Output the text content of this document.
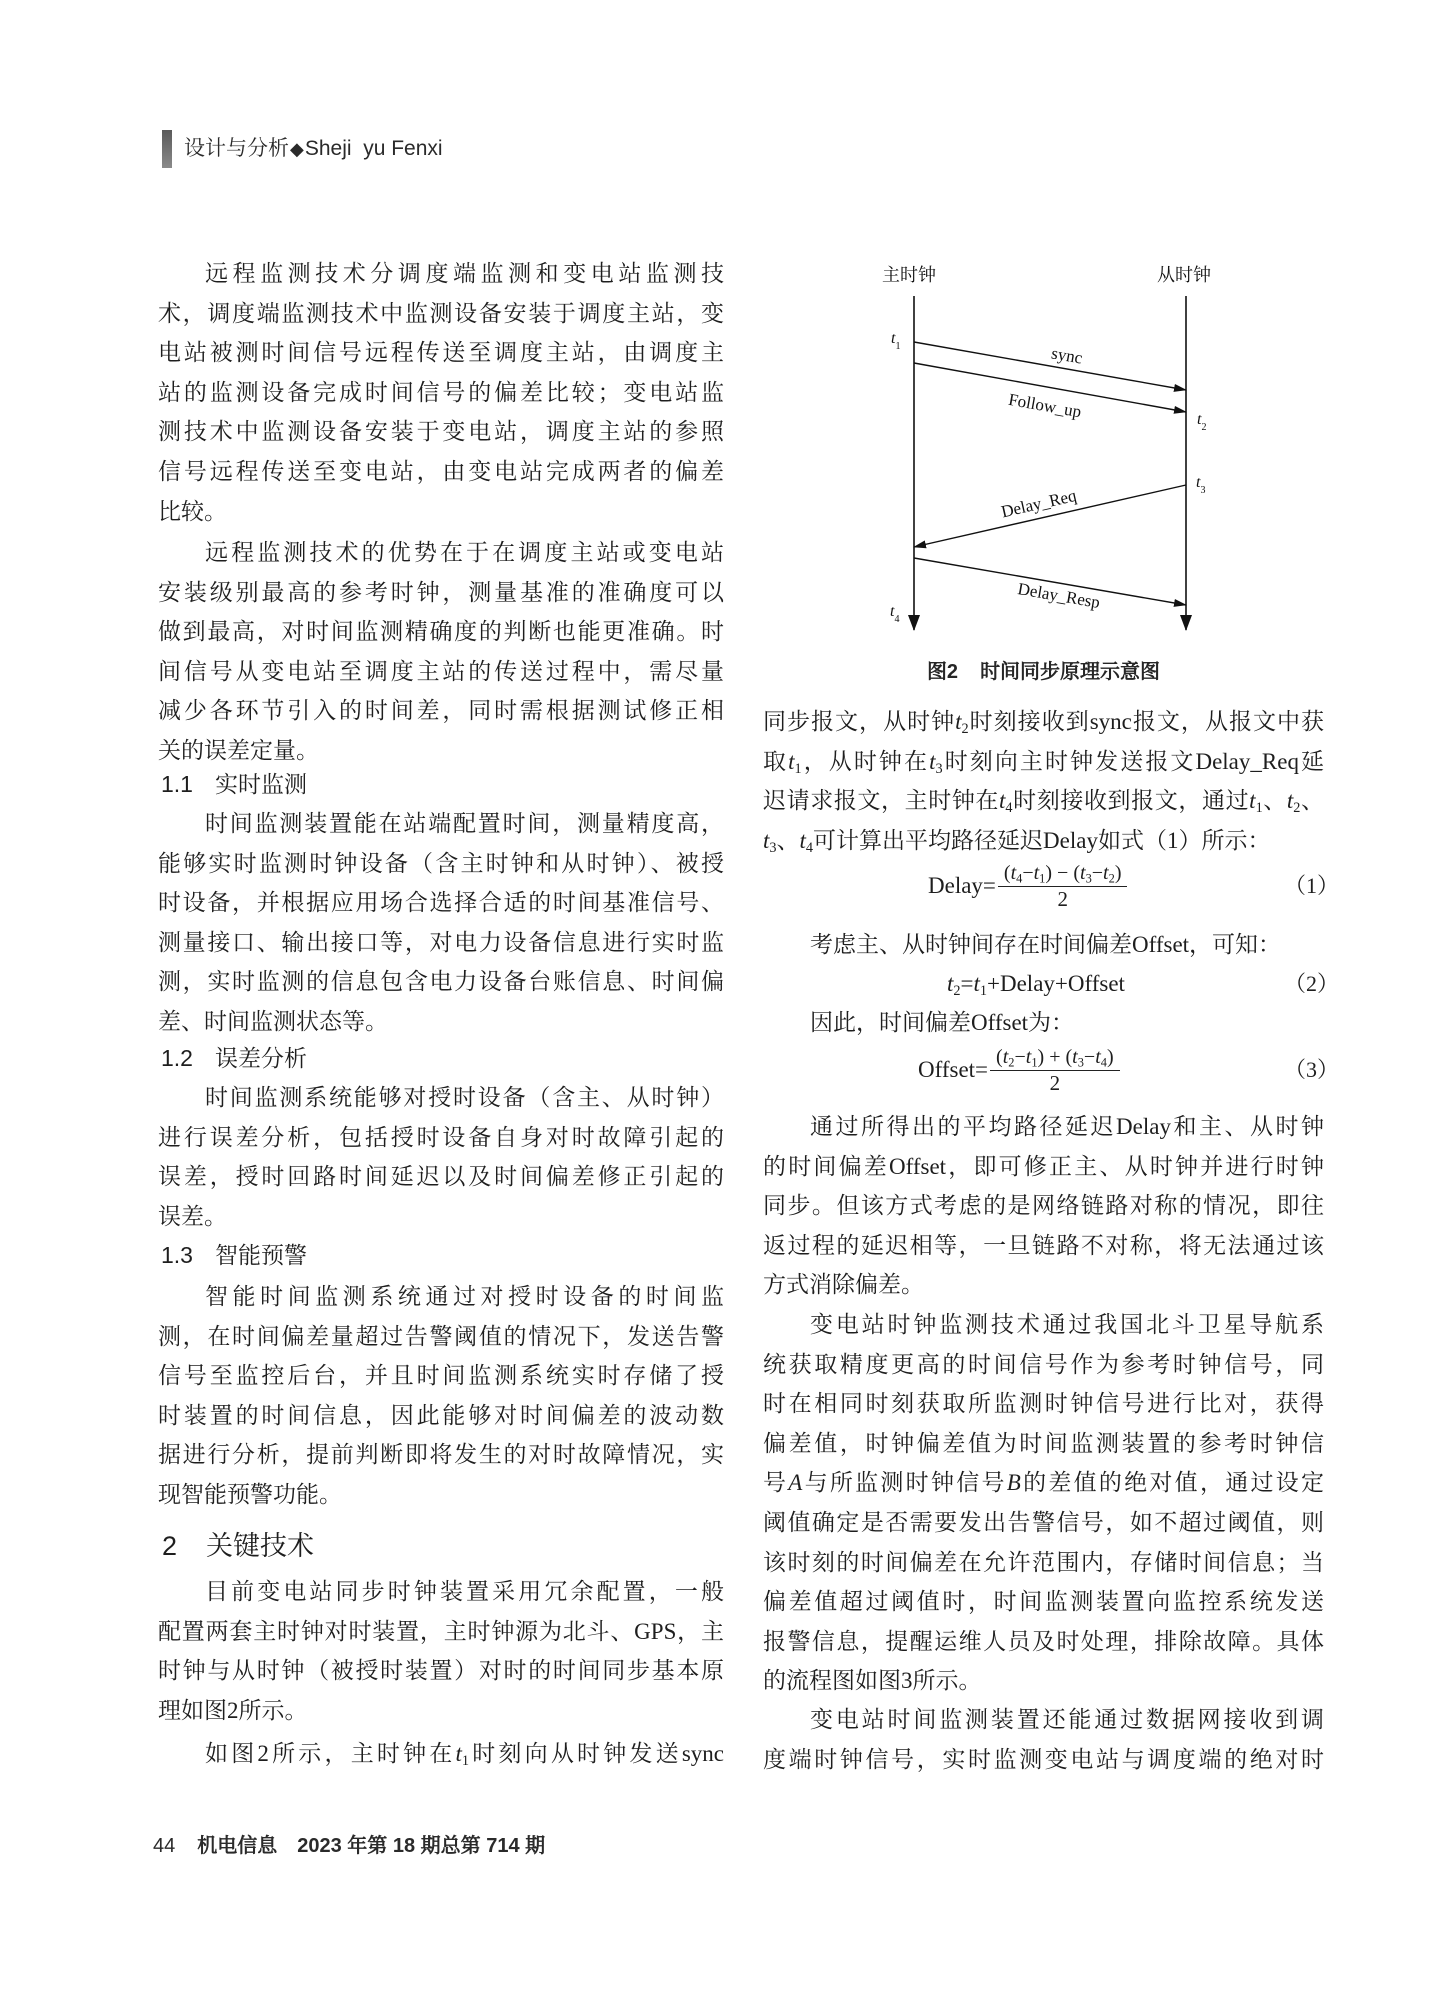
设计与分析◆Sheji  yu Fenxi
远程监测技术分调度端监测和变电站监测技
术，调度端监测技术中监测设备安装于调度主站，变
电站被测时间信号远程传送至调度主站，由调度主
站的监测设备完成时间信号的偏差比较；变电站监
测技术中监测设备安装于变电站，调度主站的参照
信号远程传送至变电站，由变电站完成两者的偏差
比较。
远程监测技术的优势在于在调度主站或变电站
安装级别最高的参考时钟，测量基准的准确度可以
做到最高，对时间监测精确度的判断也能更准确。时
间信号从变电站至调度主站的传送过程中，需尽量
减少各环节引入的时间差，同时需根据测试修正相
关的误差定量。
1.1 实时监测
时间监测装置能在站端配置时间，测量精度高，
能够实时监测时钟设备（含主时钟和从时钟）、被授
时设备，并根据应用场合选择合适的时间基准信号、
测量接口、输出接口等，对电力设备信息进行实时监
测，实时监测的信息包含电力设备台账信息、时间偏
差、时间监测状态等。
1.2 误差分析
时间监测系统能够对授时设备（含主、从时钟）
进行误差分析，包括授时设备自身对时故障引起的
误差，授时回路时间延迟以及时间偏差修正引起的
误差。
1.3 智能预警
智能时间监测系统通过对授时设备的时间监
测，在时间偏差量超过告警阈值的情况下，发送告警
信号至监控后台，并且时间监测系统实时存储了授
时装置的时间信息，因此能够对时间偏差的波动数
据进行分析，提前判断即将发生的对时故障情况，实
现智能预警功能。
2 关键技术
目前变电站同步时钟装置采用冗余配置，一般
配置两套主时钟对时装置，主时钟源为北斗、GPS，主
时钟与从时钟（被授时装置）对时的时间同步基本原
理如图2所示。
如图2所示，主时钟在$t_1$时刻向从时钟发送sync
主时钟	从时钟
sync
Follow_up
Delay_Req
Delay_Resp
$t_1$
$t_2$
$t_3$
$t_4$
图2 时间同步原理示意图
同步报文，从时钟$t_2$时刻接收到sync报文，从报文中获
取$t_1$，从时钟在$t_3$时刻向主时钟发送报文Delay_Req延
迟请求报文，主时钟在$t_4$时刻接收到报文，通过$t_1$、$t_2$、
$t_3$、$t_4$可计算出平均路径延迟Delay如式（1）所示：
Delay= $\frac{(t_4-t_1) - (t_3-t_2)}{2}$	（1）
考虑主、从时钟间存在时间偏差Offset，可知：
$t_2=t_1+Delay+Offset$	（2）
因此，时间偏差Offset为：
Offset= $\frac{(t_2-t_1) + (t_3-t_4)}{2}$	（3）
通过所得出的平均路径延迟Delay和主、从时钟
的时间偏差Offset，即可修正主、从时钟并进行时钟
同步。但该方式考虑的是网络链路对称的情况，即往
返过程的延迟相等，一旦链路不对称，将无法通过该
方式消除偏差。
变电站时钟监测技术通过我国北斗卫星导航系
统获取精度更高的时间信号作为参考时钟信号，同
时在相同时刻获取所监测时钟信号进行比对，获得
偏差值，时钟偏差值为时间监测装置的参考时钟信
号A与所监测时钟信号B的差值的绝对值，通过设定
阈值确定是否需要发出告警信号，如不超过阈值，则
该时刻的时间偏差在允许范围内，存储时间信息；当
偏差值超过阈值时，时间监测装置向监控系统发送
报警信息，提醒运维人员及时处理，排除故障。具体
的流程图如图3所示。
变电站时间监测装置还能通过数据网接收到调
度端时钟信号，实时监测变电站与调度端的绝对时
44 机电信息 2023 年第 18 期总第 714 期
